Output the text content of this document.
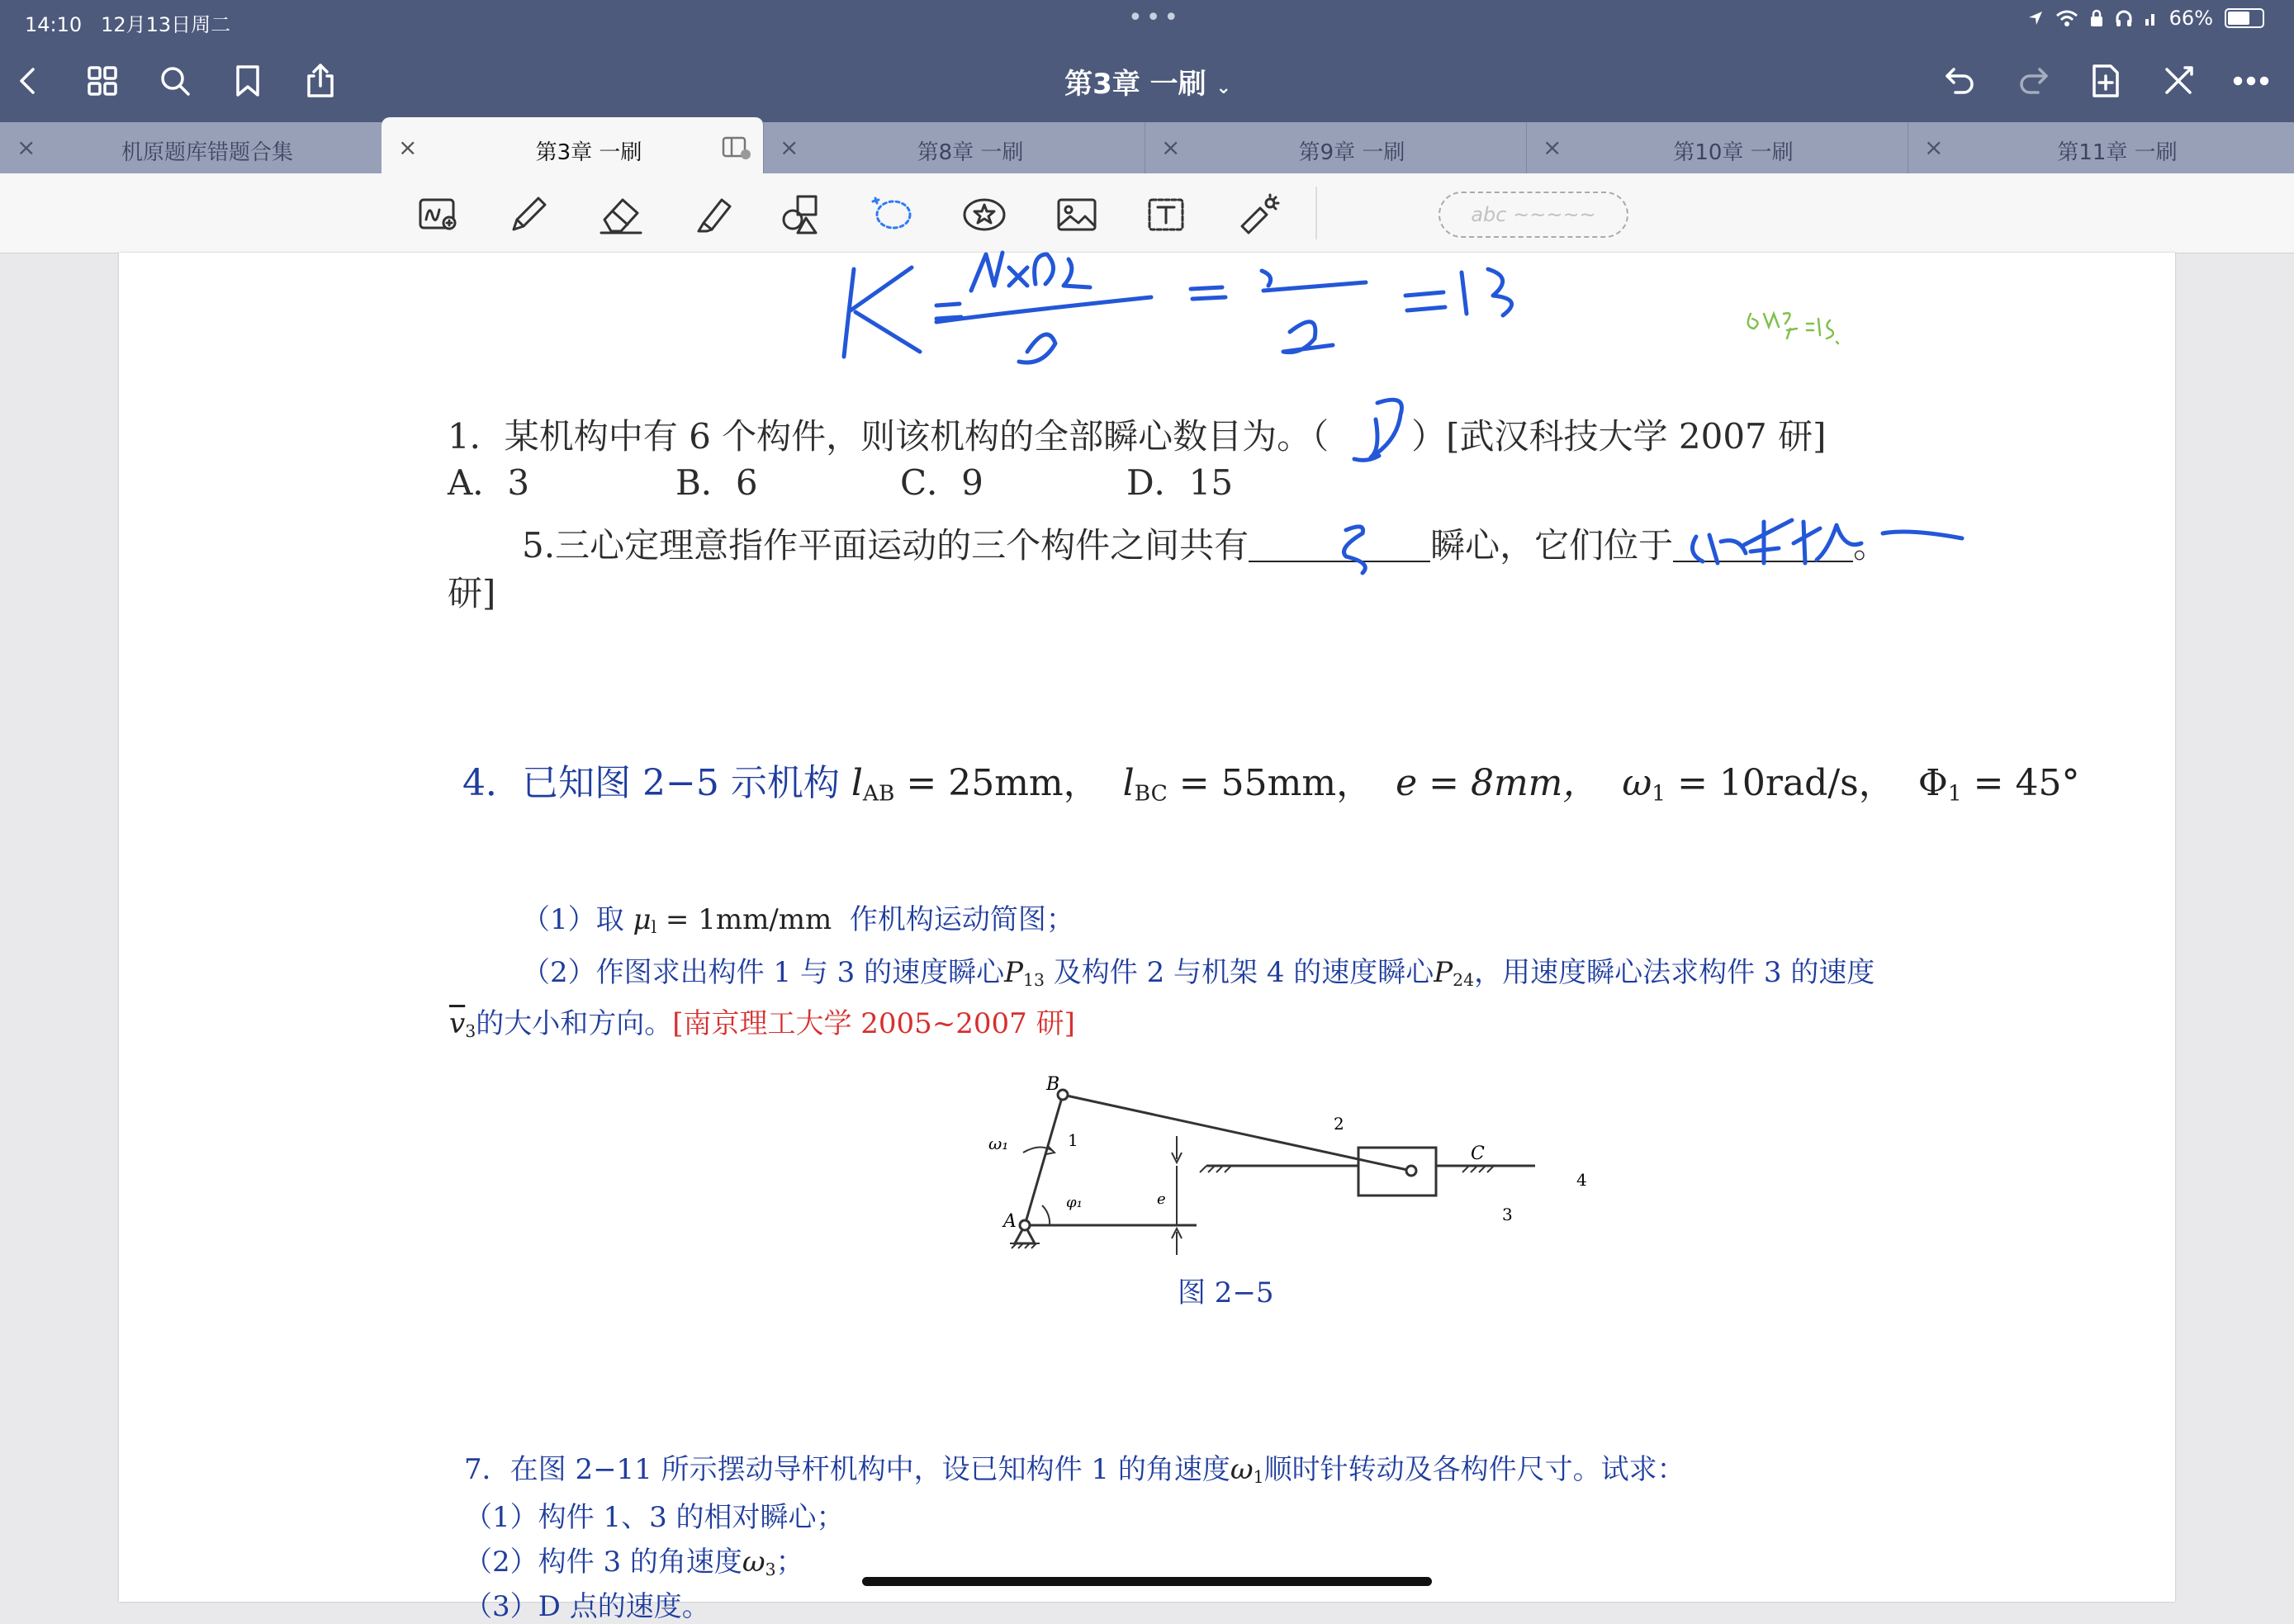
14:10 12月13日周二	•••	66%
第3章 一刷 ⌄
×	机原题库错题合集	×	第3章 一刷	×	第8章 一刷	×	第9章 一刷	×	第10章 一刷	×	第11章 一刷
abc ~~~~~
1．某机构中有 6 个构件，则该机构的全部瞬心数目为。（ ）[武汉科技大学 2007 研]
A．3	B．6	C．9	D．15
5.三心定理意指作平面运动的三个构件之间共有	瞬心，它们位于	。
研]
4．已知图 2−5 示机构 $l_{AB} = 25mm$， $l_{BC} = 55mm$， e = 8mm， $\omega_1 = 10rad/s$， $\Phi_1 = 45^\circ$
（1）取 $\mu_l = 1mm/mm$ 作机构运动简图；
（2）作图求出构件 1 与 3 的速度瞬心$P_{13}$ 及构件 2 与机架 4 的速度瞬心$P_{24}$，用速度瞬心法求构件 3 的速度
$\overline{v}_3$的大小和方向。[南京理工大学 2005~2007 研]
B
A
C
ω₁
φ₁	e
1
2
3
4
图 2−5
7．在图 2−11 所示摆动导杆机构中，设已知构件 1 的角速度$\omega_1$顺时针转动及各构件尺寸。试求：
（1）构件 1、3 的相对瞬心；
（2）构件 3 的角速度$\omega_3$；
（3）D 点的速度。
